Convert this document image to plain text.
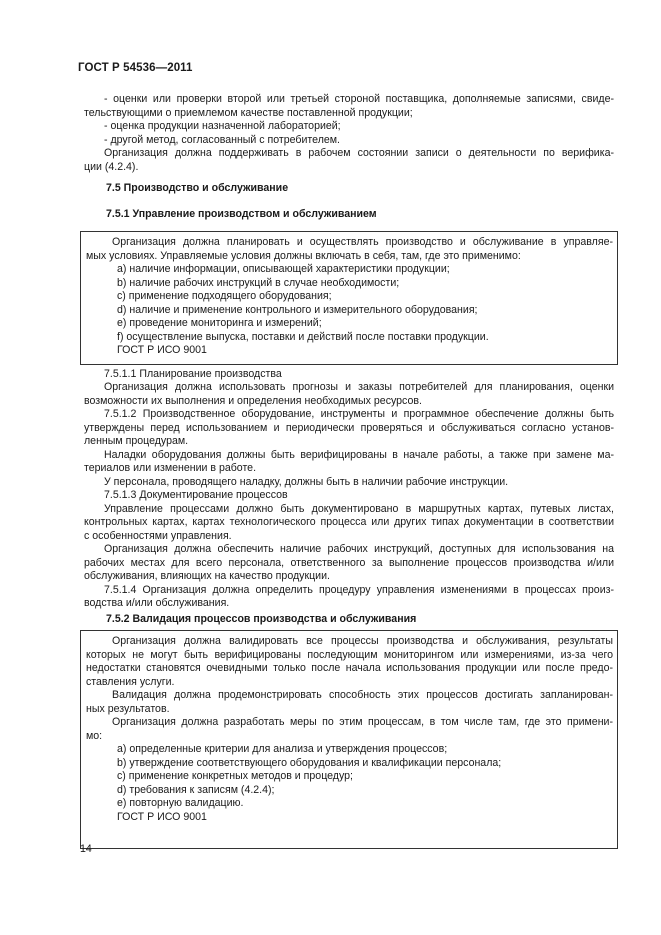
ГОСТ Р 54536—2011
- оценки или проверки второй или третьей стороной поставщика, дополняемые записями, свиде-
тельствующими о приемлемом качестве поставленной продукции;
- оценка продукции назначенной лабораторией;
- другой метод, согласованный с потребителем.
Организация должна поддерживать в рабочем состоянии записи о деятельности по верифика-
ции (4.2.4).
7.5 Производство и обслуживание
7.5.1 Управление производством и обслуживанием
Организация должна планировать и осуществлять производство и обслуживание в управляе-
мых условиях. Управляемые условия должны включать в себя, там, где это применимо:
a) наличие информации, описывающей характеристики продукции;
b) наличие рабочих инструкций в случае необходимости;
c) применение подходящего оборудования;
d) наличие и применение контрольного и измерительного оборудования;
e) проведение мониторинга и измерений;
f) осуществление выпуска, поставки и действий после поставки продукции.
ГОСТ Р ИСО 9001
7.5.1.1 Планирование производства
Организация должна использовать прогнозы и заказы потребителей для планирования, оценки
возможности их выполнения и определения необходимых ресурсов.
7.5.1.2 Производственное оборудование, инструменты и программное обеспечение должны быть
утверждены перед использованием и периодически проверяться и обслуживаться согласно установ-
ленным процедурам.
Наладки оборудования должны быть верифицированы в начале работы, а также при замене ма-
териалов или изменении в работе.
У персонала, проводящего наладку, должны быть в наличии рабочие инструкции.
7.5.1.3 Документирование процессов
Управление процессами должно быть документировано в маршрутных картах, путевых листах,
контрольных картах, картах технологического процесса или других типах документации в соответствии
с особенностями управления.
Организация должна обеспечить наличие рабочих инструкций, доступных для использования на
рабочих местах для всего персонала, ответственного за выполнение процессов производства и/или
обслуживания, влияющих на качество продукции.
7.5.1.4 Организация должна определить процедуру управления изменениями в процессах произ-
водства и/или обслуживания.
7.5.2 Валидация процессов производства и обслуживания
Организация должна валидировать все процессы производства и обслуживания, результаты
которых не могут быть верифицированы последующим мониторингом или измерениями, из-за чего
недостатки становятся очевидными только после начала использования продукции или после предо-
ставления услуги.
Валидация должна продемонстрировать способность этих процессов достигать запланирован-
ных результатов.
Организация должна разработать меры по этим процессам, в том числе там, где это примени-
мо:
a) определенные критерии для анализа и утверждения процессов;
b) утверждение соответствующего оборудования и квалификации персонала;
c) применение конкретных методов и процедур;
d) требования к записям (4.2.4);
e) повторную валидацию.
ГОСТ Р ИСО 9001
14
